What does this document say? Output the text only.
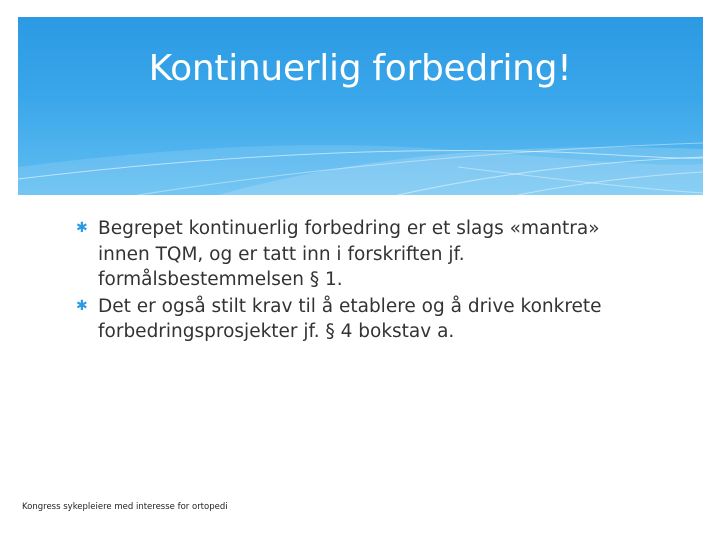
Kontinuerlig forbedring!
✱ Begrepet kontinuerlig forbedring er et slags «mantra» innen TQM, og er tatt inn i forskriften jf. formålsbestemmelsen § 1.
✱ Det er også stilt krav til å etablere og å drive konkrete forbedringsprosjekter jf. § 4 bokstav a.
Kongress sykepleiere med interesse for ortopedi
